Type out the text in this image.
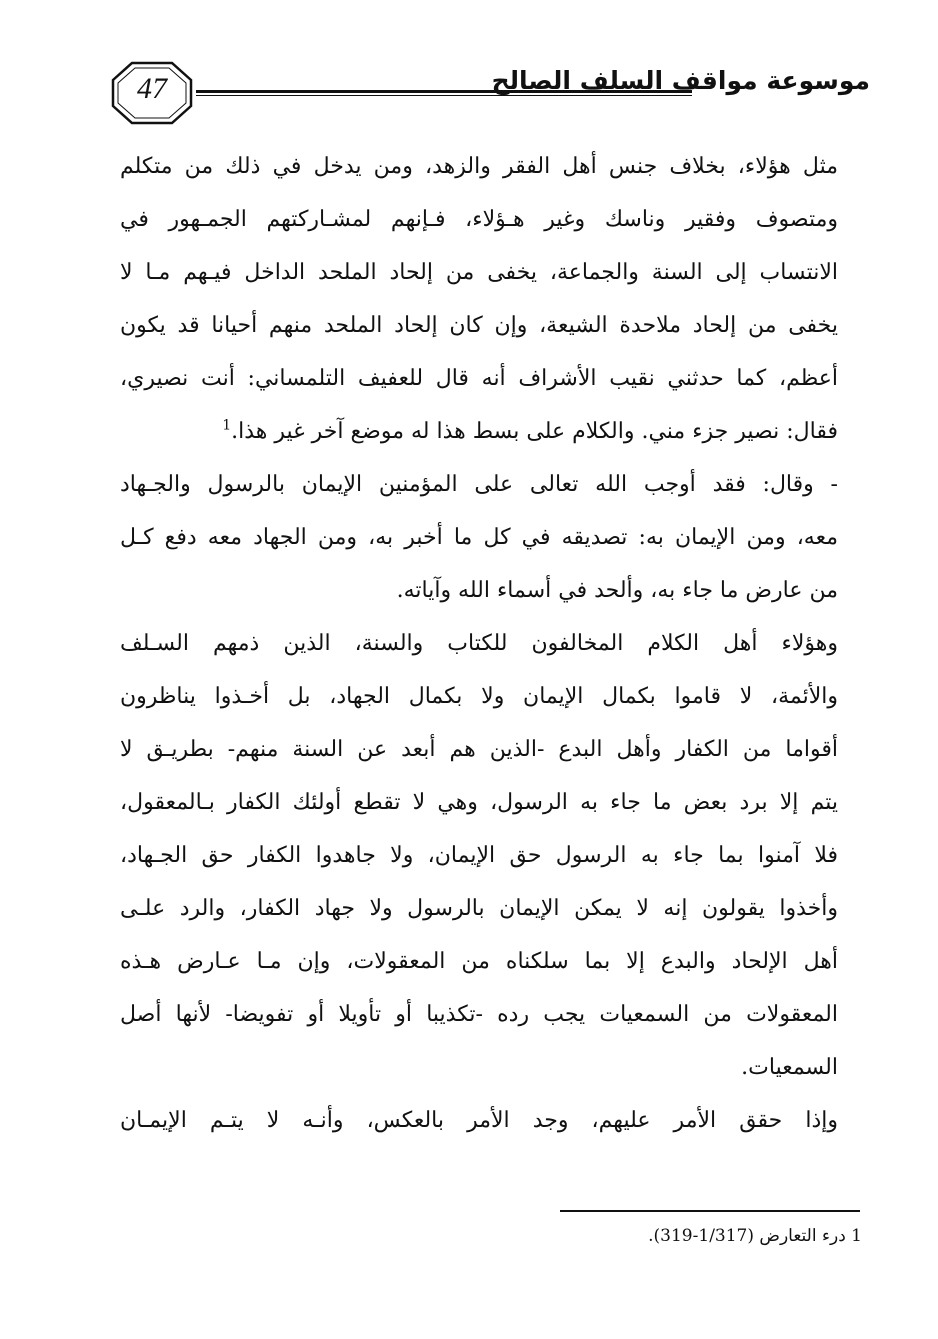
47	موسوعة مواقف السلف الصالح

مثل هؤلاء، بخلاف جنس أهل الفقر والزهد، ومن يدخل في ذلك من متكلم

ومتصوف وفقير وناسك وغير هـؤلاء، فـإنهم لمشـاركتهم الجمـهور في

الانتساب إلى السنة والجماعة، يخفى من إلحاد الملحد الداخل فيـهم مـا لا

يخفى من إلحاد ملاحدة الشيعة، وإن كان إلحاد الملحد منهم أحيانا قد يكون

أعظم، كما حدثني نقيب الأشراف أنه قال للعفيف التلمساني: أنت نصيري،

فقال: نصير جزء مني. والكلام على بسط هذا له موضع آخر غير هذا.$^1$

- وقال: فقد أوجب الله تعالى على المؤمنين الإيمان بالرسول والجـهاد

معه، ومن الإيمان به: تصديقه في كل ما أخبر به، ومن الجهاد معه دفع كـل

من عارض ما جاء به، وألحد في أسماء الله وآياته.

وهؤلاء أهل الكلام المخالفون للكتاب والسنة، الذين ذمهم السـلف

والأئمة، لا قاموا بكمال الإيمان ولا بكمال الجهاد، بل أخـذوا يناظرون

أقواما من الكفار وأهل البدع -الذين هم أبعد عن السنة منهم- بطريـق لا

يتم إلا برد بعض ما جاء به الرسول، وهي لا تقطع أولئك الكفار بـالمعقول،

فلا آمنوا بما جاء به الرسول حق الإيمان، ولا جاهدوا الكفار حق الجـهاد،

وأخذوا يقولون إنه لا يمكن الإيمان بالرسول ولا جهاد الكفار، والرد علـى

أهل الإلحاد والبدع إلا بما سلكناه من المعقولات، وإن مـا عـارض هـذه

المعقولات من السمعيات يجب رده -تكذيبا أو تأويلا أو تفويضا- لأنها أصل

السمعيات.

وإذا حقق الأمر عليهم، وجد الأمر بالعكس، وأنـه لا يتـم الإيمـان

1 درء التعارض (1/317-319).
